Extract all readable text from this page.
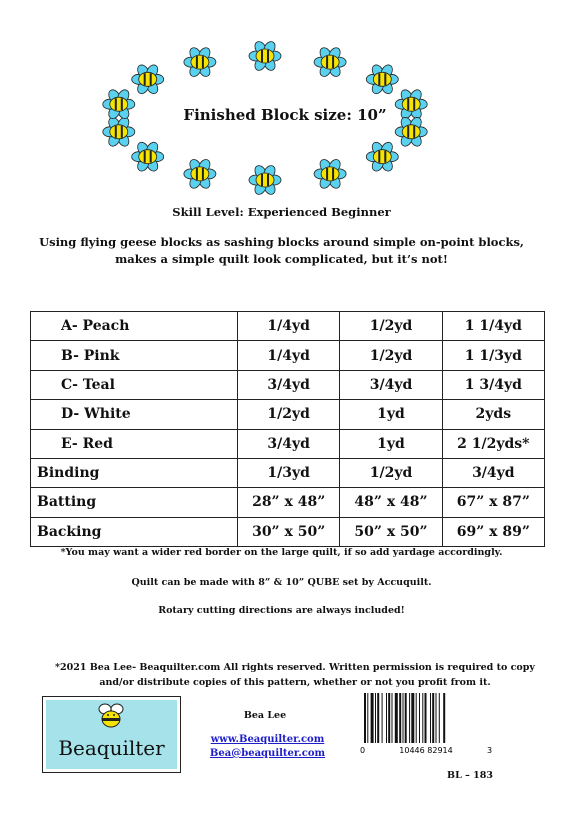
Finished Block size: 10”
Skill Level: Experienced Beginner
Using flying geese blocks as sashing blocks around simple on-point blocks,
makes a simple quilt look complicated, but it’s not!
A- Peach	1/4yd	1/2yd	1 1/4yd
B- Pink	1/4yd	1/2yd	1 1/3yd
C- Teal	3/4yd	3/4yd	1 3/4yd
D- White	1/2yd	1yd	2yds
E- Red	3/4yd	1yd	2 1/2yds*
Binding	1/3yd	1/2yd	3/4yd
Batting	28” x 48”	48” x 48”	67” x 87”
Backing	30” x 50”	50” x 50”	69” x 89”
*You may want a wider red border on the large quilt, if so add yardage accordingly.
Quilt can be made with 8” & 10” QUBE set by Accuquilt.
Rotary cutting directions are always included!
*2021 Bea Lee- Beaquilter.com All rights reserved. Written permission is required to copy
and/or distribute copies of this pattern, whether or not you profit from it.
Beaquilter
Bea Lee
www.Beaquilter.com
Bea@beaquilter.com	0	10446 82914	3
BL – 183
